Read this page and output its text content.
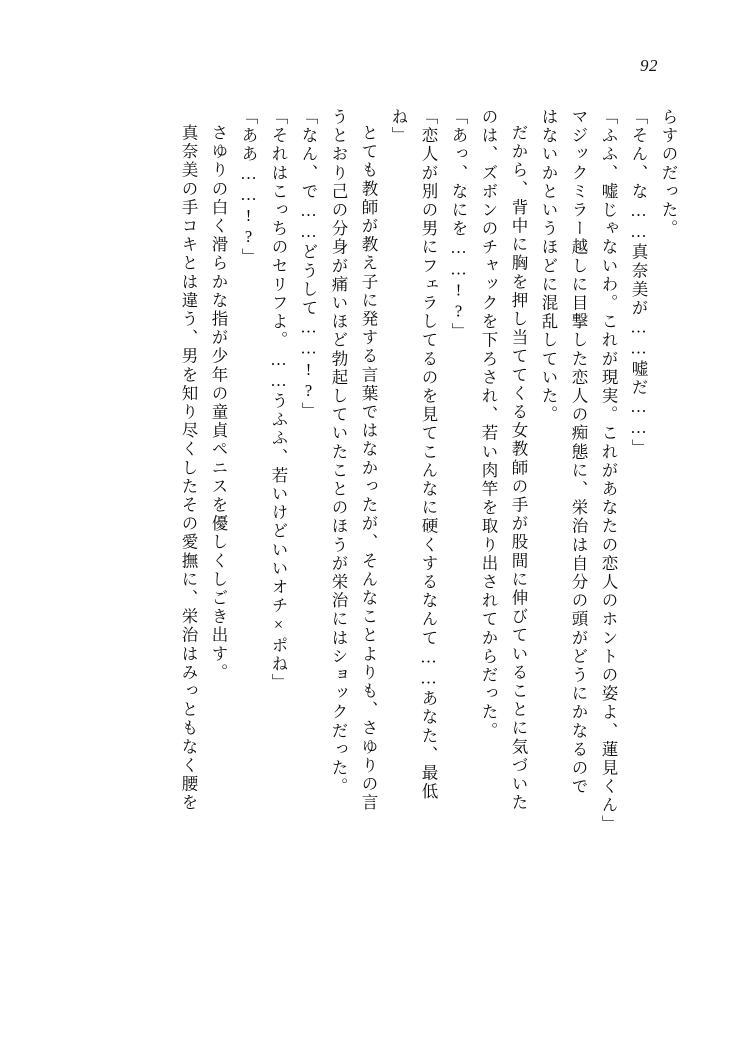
92
らすのだった。
「そん、な……真奈美が……嘘だ……」
「ふふ、嘘じゃないわ。これが現実。これがあなたの恋人のホントの姿よ、蓮見くん」
マジックミラー越しに目撃した恋人の痴態に、栄治は自分の頭がどうにかなるので
はないかというほどに混乱していた。
だから、背中に胸を押し当ててくる女教師の手が股間に伸びていることに気づいた
のは、ズボンのチャックを下ろされ、若い肉竿を取り出されてからだった。
「あっ、なにを……!?」
「恋人が別の男にフェラしてるのを見てこんなに硬くするなんて……あなた、最低
ね」
とても教師が教え子に発する言葉ではなかったが、そんなことよりも、さゆりの言
うとおり己の分身が痛いほど勃起していたことのほうが栄治にはショックだった。
「なん、で……どうして……!?」
「それはこっちのセリフよ。……うふふ、若いけどいいオチ×ポね」
「ああ……!?」
さゆりの白く滑らかな指が少年の童貞ペニスを優しくしごき出す。
真奈美の手コキとは違う、男を知り尽くしたその愛撫に、栄治はみっともなく腰を
